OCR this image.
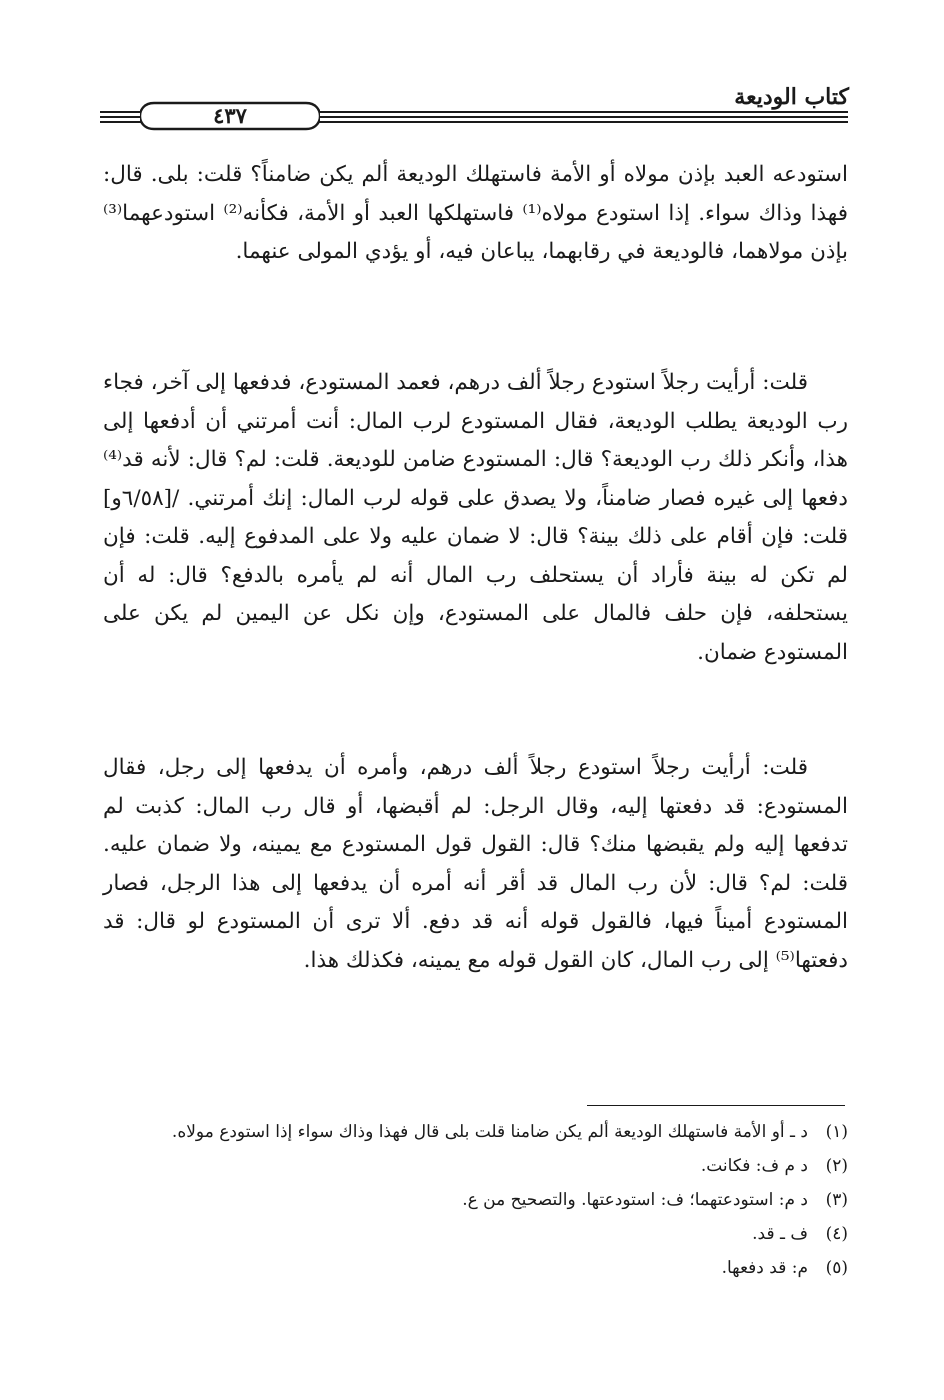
كتاب الوديعة
٤٣٧

استودعه العبد بإذن مولاه أو الأمة فاستهلك الوديعة ألم يكن ضامناً؟ قلت: بلى. قال: فهذا وذاك سواء. إذا استودع مولاه⁽¹⁾ فاستهلكها العبد أو الأمة، فكأنه⁽²⁾ استودعهما⁽³⁾ بإذن مولاهما، فالوديعة في رقابهما، يباعان فيه، أو يؤدي المولى عنهما.

قلت: أرأيت رجلاً استودع رجلاً ألف درهم، فعمد المستودع، فدفعها إلى آخر، فجاء رب الوديعة يطلب الوديعة، فقال المستودع لرب المال: أنت أمرتني أن أدفعها إلى هذا، وأنكر ذلك رب الوديعة؟ قال: المستودع ضامن للوديعة. قلت: لم؟ قال: لأنه قد⁽⁴⁾ دفعها إلى غيره فصار ضامناً، ولا يصدق على قوله لرب المال: إنك أمرتني. /[٦/٥٨و] قلت: فإن أقام على ذلك بينة؟ قال: لا ضمان عليه ولا على المدفوع إليه. قلت: فإن لم تكن له بينة فأراد أن يستحلف رب المال أنه لم يأمره بالدفع؟ قال: له أن يستحلفه، فإن حلف فالمال على المستودع، وإن نكل عن اليمين لم يكن على المستودع ضمان.

قلت: أرأيت رجلاً استودع رجلاً ألف درهم، وأمره أن يدفعها إلى رجل، فقال المستودع: قد دفعتها إليه، وقال الرجل: لم أقبضها، أو قال رب المال: كذبت لم تدفعها إليه ولم يقبضها منك؟ قال: القول قول المستودع مع يمينه، ولا ضمان عليه. قلت: لم؟ قال: لأن رب المال قد أقر أنه أمره أن يدفعها إلى هذا الرجل، فصار المستودع أميناً فيها، فالقول قوله أنه قد دفع. ألا ترى أن المستودع لو قال: قد دفعتها⁽⁵⁾ إلى رب المال، كان القول قوله مع يمينه، فكذلك هذا.

(١)
د ـ أو الأمة فاستهلك الوديعة ألم يكن ضامنا قلت بلى قال فهذا وذاك سواء إذا استودع مولاه.
(٢)
د م ف: فكانت.
(٣)
د م: استودعتهما؛ ف: استودعتها. والتصحيح من ع.
(٤)
ف ـ قد.
(٥)
م: قد دفعها.
